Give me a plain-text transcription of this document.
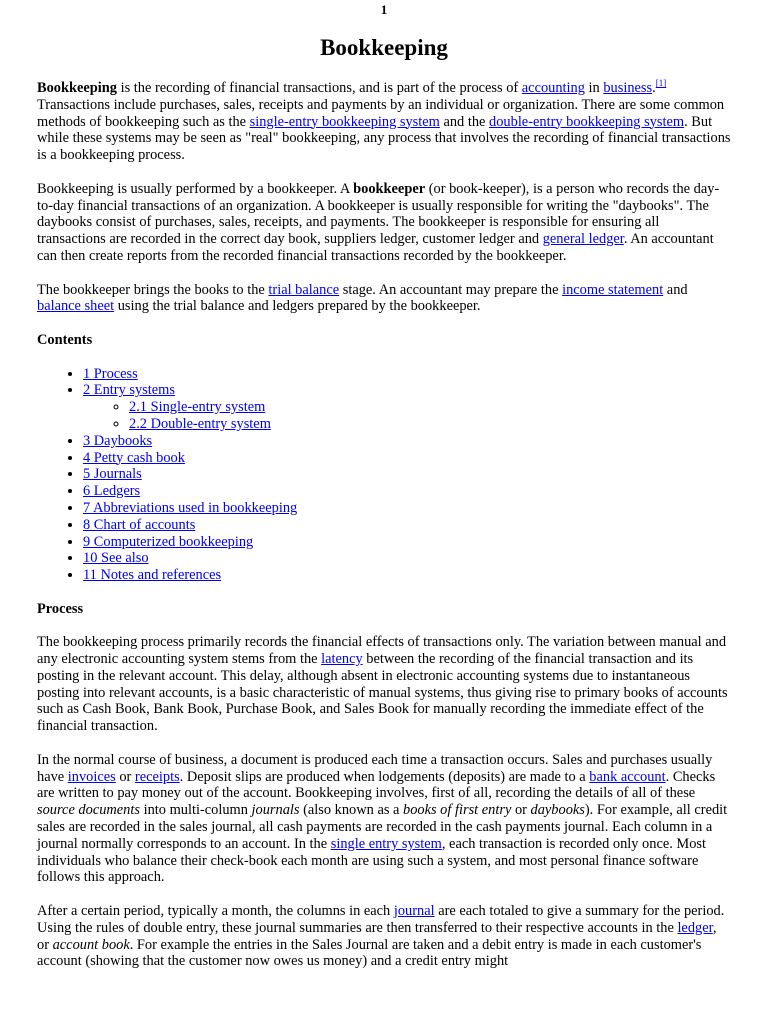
1
Bookkeeping

Bookkeeping is the recording of financial transactions, and is part of the process of accounting in business.[1] Transactions include purchases, sales, receipts and payments by an individual or organization. There are some common methods of bookkeeping such as the single-entry bookkeeping system and the double-entry bookkeeping system. But while these systems may be seen as "real" bookkeeping, any process that involves the recording of financial transactions is a bookkeeping process.

Bookkeeping is usually performed by a bookkeeper. A bookkeeper (or book-keeper), is a person who records the day-to-day financial transactions of an organization. A bookkeeper is usually responsible for writing the "daybooks". The daybooks consist of purchases, sales, receipts, and payments. The bookkeeper is responsible for ensuring all transactions are recorded in the correct day book, suppliers ledger, customer ledger and general ledger. An accountant can then create reports from the recorded financial transactions recorded by the bookkeeper.

The bookkeeper brings the books to the trial balance stage. An accountant may prepare the income statement and balance sheet using the trial balance and ledgers prepared by the bookkeeper.

Contents
• 1 Process
• 2 Entry systems
◦ 2.1 Single-entry system
◦ 2.2 Double-entry system
• 3 Daybooks
• 4 Petty cash book
• 5 Journals
• 6 Ledgers
• 7 Abbreviations used in bookkeeping
• 8 Chart of accounts
• 9 Computerized bookkeeping
• 10 See also
• 11 Notes and references
Process

The bookkeeping process primarily records the financial effects of transactions only. The variation between manual and any electronic accounting system stems from the latency between the recording of the financial transaction and its posting in the relevant account. This delay, although absent in electronic accounting systems due to instantaneous posting into relevant accounts, is a basic characteristic of manual systems, thus giving rise to primary books of accounts such as Cash Book, Bank Book, Purchase Book, and Sales Book for manually recording the immediate effect of the financial transaction.

In the normal course of business, a document is produced each time a transaction occurs. Sales and purchases usually have invoices or receipts. Deposit slips are produced when lodgements (deposits) are made to a bank account. Checks are written to pay money out of the account. Bookkeeping involves, first of all, recording the details of all of these source documents into multi-column journals (also known as a books of first entry or daybooks). For example, all credit sales are recorded in the sales journal, all cash payments are recorded in the cash payments journal. Each column in a journal normally corresponds to an account. In the single entry system, each transaction is recorded only once. Most individuals who balance their check-book each month are using such a system, and most personal finance software follows this approach.

After a certain period, typically a month, the columns in each journal are each totaled to give a summary for the period. Using the rules of double entry, these journal summaries are then transferred to their respective accounts in the ledger, or account book. For example the entries in the Sales Journal are taken and a debit entry is made in each customer's account (showing that the customer now owes us money) and a credit entry might
